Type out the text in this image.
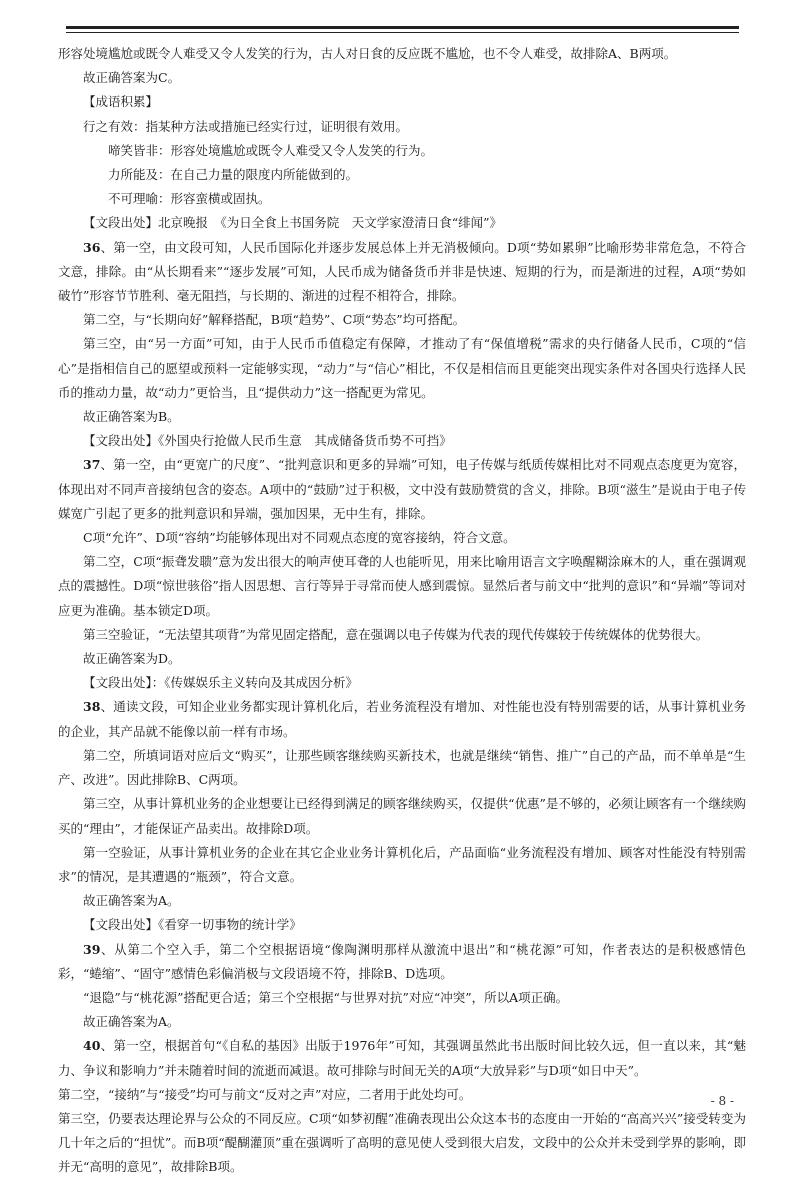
形容处境尴尬或既令人难受又令人发笑的行为，古人对日食的反应既不尴尬，也不令人难受，故排除A、B两项。

故正确答案为C。

【成语积累】

行之有效：指某种方法或措施已经实行过，证明很有效用。

啼笑皆非：形容处境尴尬或既令人难受又令人发笑的行为。

力所能及：在自己力量的限度内所能做到的。

不可理喻：形容蛮横或固执。

【文段出处】北京晚报　《为日全食上书国务院　天文学家澄清日食“绯闻”》

36、第一空，由文段可知，人民币国际化并逐步发展总体上并无消极倾向。D项“势如累卵”比喻形势非常危急，不符合文意，排除。由“从长期看来”“逐步发展”可知，人民币成为储备货币并非是快速、短期的行为，而是渐进的过程，A项“势如破竹”形容节节胜利、毫无阻挡，与长期的、渐进的过程不相符合，排除。

第二空，与“长期向好”解释搭配，B项“趋势”、C项“势态”均可搭配。

第三空，由“另一方面”可知，由于人民币币值稳定有保障，才推动了有“保值增税”需求的央行储备人民币，C项的“信心”是指相信自己的愿望或预料一定能够实现，“动力”与“信心”相比，不仅是相信而且更能突出现实条件对各国央行选择人民币的推动力量，故“动力”更恰当，且“提供动力”这一搭配更为常见。

故正确答案为B。

【文段出处】《外国央行抢做人民币生意　其成储备货币势不可挡》

37、第一空，由“更宽广的尺度”、“批判意识和更多的异端”可知，电子传媒与纸质传媒相比对不同观点态度更为宽容，体现出对不同声音接纳包含的姿态。A项中的“鼓励”过于积极，文中没有鼓励赞赏的含义，排除。B项“滋生”是说由于电子传媒宽广引起了更多的批判意识和异端，强加因果，无中生有，排除。

C项“允许”、D项“容纳”均能够体现出对不同观点态度的宽容接纳，符合文意。

第二空，C项“振聋发聩”意为发出很大的响声使耳聋的人也能听见，用来比喻用语言文字唤醒糊涂麻木的人，重在强调观点的震撼性。D项“惊世骇俗”指人因思想、言行等异于寻常而使人感到震惊。显然后者与前文中“批判的意识”和“异端”等词对应更为准确。基本锁定D项。

第三空验证，“无法望其项背”为常见固定搭配，意在强调以电子传媒为代表的现代传媒较于传统媒体的优势很大。

故正确答案为D。

【文段出处】：《传媒娱乐主义转向及其成因分析》

38、通读文段，可知企业业务都实现计算机化后，若业务流程没有增加、对性能也没有特别需要的话，从事计算机业务的企业，其产品就不能像以前一样有市场。

第二空，所填词语对应后文“购买”，让那些顾客继续购买新技术，也就是继续“销售、推广”自己的产品，而不单单是“生产、改进”。因此排除B、C两项。

第三空，从事计算机业务的企业想要让已经得到满足的顾客继续购买，仅提供“优惠”是不够的，必须让顾客有一个继续购买的“理由”，才能保证产品卖出。故排除D项。

第一空验证，从事计算机业务的企业在其它企业业务计算机化后，产品面临“业务流程没有增加、顾客对性能没有特别需求”的情况，是其遭遇的“瓶颈”，符合文意。

故正确答案为A。

【文段出处】《看穿一切事物的统计学》

39、从第二个空入手，第二个空根据语境“像陶渊明那样从激流中退出”和“桃花源”可知，作者表达的是积极感情色彩，“蜷缩”、“固守”感情色彩偏消极与文段语境不符，排除B、D选项。

“退隐”与“桃花源”搭配更合适；第三个空根据“与世界对抗”对应“冲突”，所以A项正确。

故正确答案为A。

40、第一空，根据首句“《自私的基因》出版于1976年”可知，其强调虽然此书出版时间比较久远，但一直以来，其“魅力、争议和影响力”并未随着时间的流逝而减退。故可排除与时间无关的A项“大放异彩”与D项“如日中天”。

第二空，“接纳”与“接受”均可与前文“反对之声”对应，二者用于此处均可。

第三空，仍要表达理论界与公众的不同反应。C项“如梦初醒”准确表现出公众这本书的态度由一开始的“高高兴兴”接受转变为几十年之后的“担忧”。而B项“醍醐灌顶”重在强调听了高明的意见使人受到很大启发，文段中的公众并未受到学界的影响，即并无“高明的意见”，故排除B项。

- 8 -
